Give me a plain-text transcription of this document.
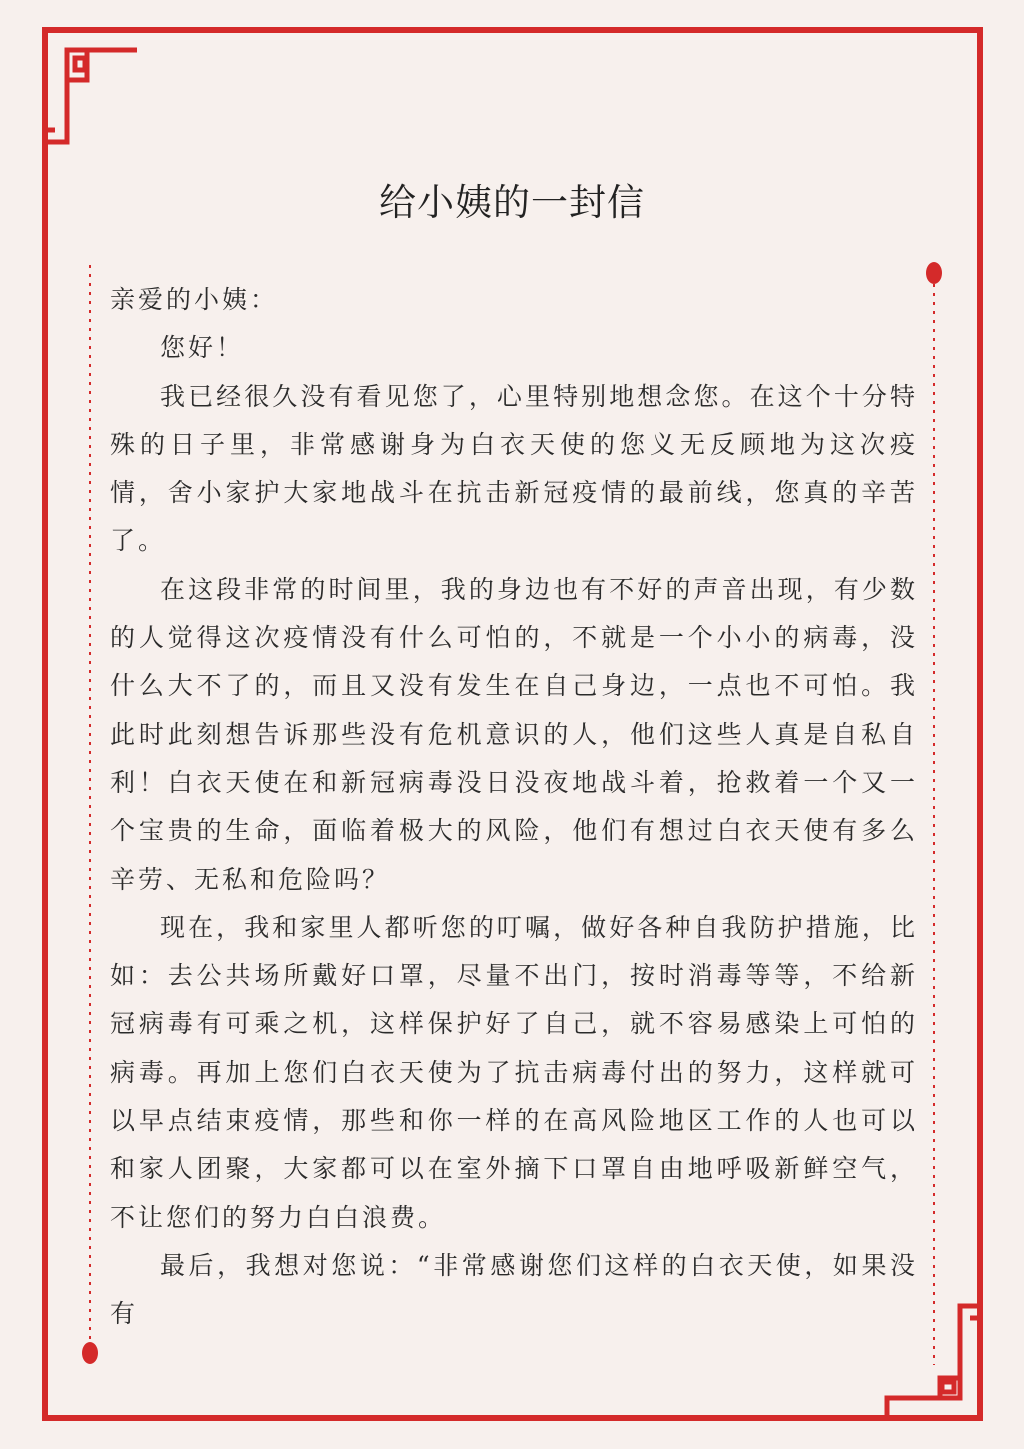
给小姨的一封信

亲爱的小姨：

您好！

我已经很久没有看见您了，心里特别地想念您。在这个十分特殊的日子里，非常感谢身为白衣天使的您义无反顾地为这次疫情，舍小家护大家地战斗在抗击新冠疫情的最前线，您真的辛苦了。

在这段非常的时间里，我的身边也有不好的声音出现，有少数的人觉得这次疫情没有什么可怕的，不就是一个小小的病毒，没什么大不了的，而且又没有发生在自己身边，一点也不可怕。我此时此刻想告诉那些没有危机意识的人，他们这些人真是自私自利！白衣天使在和新冠病毒没日没夜地战斗着，抢救着一个又一个宝贵的生命，面临着极大的风险，他们有想过白衣天使有多么辛劳、无私和危险吗？

现在，我和家里人都听您的叮嘱，做好各种自我防护措施，比如：去公共场所戴好口罩，尽量不出门，按时消毒等等，不给新冠病毒有可乘之机，这样保护好了自己，就不容易感染上可怕的病毒。再加上您们白衣天使为了抗击病毒付出的努力，这样就可以早点结束疫情，那些和你一样的在高风险地区工作的人也可以和家人团聚，大家都可以在室外摘下口罩自由地呼吸新鲜空气，不让您们的努力白白浪费。

最后，我想对您说：“非常感谢您们这样的白衣天使，如果没有
